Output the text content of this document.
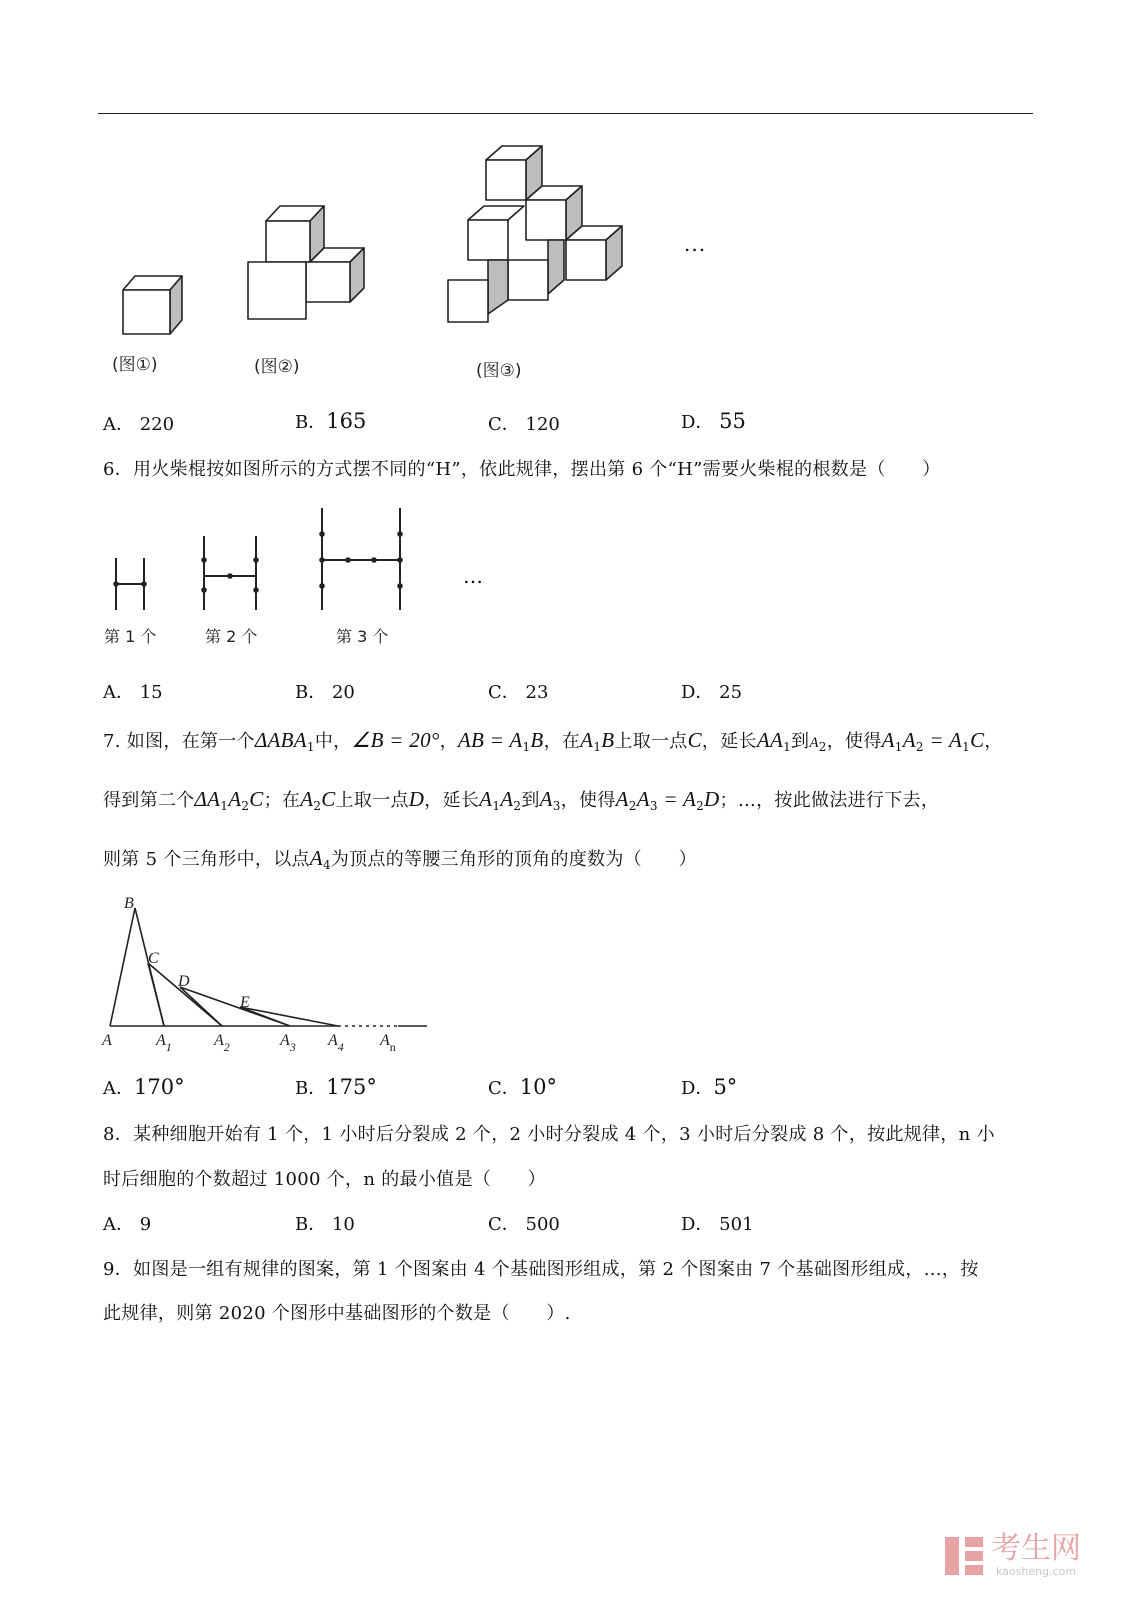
...
(图①)	(图②)	(图③)
A． 220	B．165	C． 120	D． 55
6．用火柴棍按如图所示的方式摆不同的“H”，依此规律，摆出第 6 个“H”需要火柴棍的根数是（　　）
…
第 1 个	第 2 个	第 3 个
A． 15	B． 20	C． 23	D． 25
7. 如图，在第一个$\Delta ABA_1$中，∠B = 20°，AB = $A_1B$，在$A_1B$上取一点C，延长$AA_1$到$A_2$，使得$A_1A_2 = A_1C$，
得到第二个$\Delta A_1A_2C$；在$A_2C$上取一点D，延长$A_1A_2$到$A_3$，使得$A_2A_3 = A_2D$；…，按此做法进行下去，
则第 5 个三角形中，以点$A_4$为顶点的等腰三角形的顶角的度数为（　　）
B
C
D
E
A	$A_1$	$A_2$	$A_3$ $A_4$ $A_n$
A．170°	B．175°	C．10°	D．5°
8．某种细胞开始有 1 个，1 小时后分裂成 2 个，2 小时分裂成 4 个，3 小时后分裂成 8 个，按此规律，n 小
时后细胞的个数超过 1000 个，n 的最小值是（　　）
A． 9	B． 10	C． 500	D． 501
9．如图是一组有规律的图案，第 1 个图案由 4 个基础图形组成，第 2 个图案由 7 个基础图形组成，…，按
此规律，则第 2020 个图形中基础图形的个数是（　　）.

考生网
kaosheng.com
